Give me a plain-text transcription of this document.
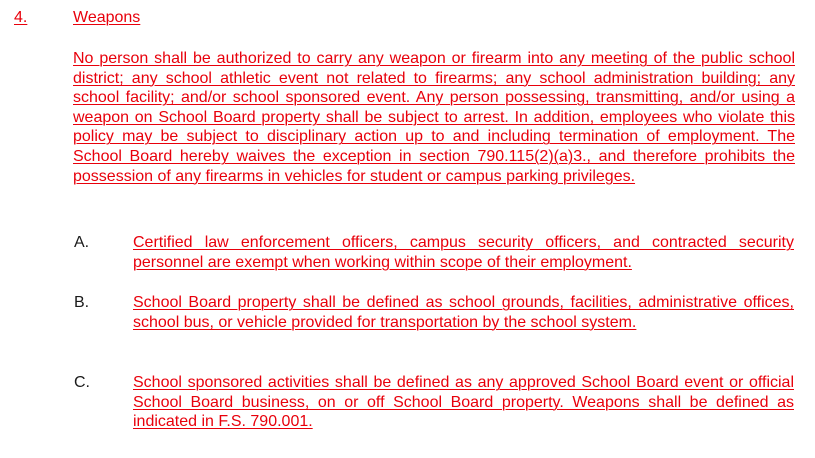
4.	Weapons
No person shall be authorized to carry any weapon or firearm into any meeting of the public school district; any school athletic event not related to firearms; any school administration building; any school facility; and/or school sponsored event. Any person possessing, transmitting, and/or using a weapon on School Board property shall be subject to arrest. In addition, employees who violate this policy may be subject to disciplinary action up to and including termination of employment. The School Board hereby waives the exception in section 790.115(2)(a)3., and therefore prohibits the possession of any firearms in vehicles for student or campus parking privileges.
A.	Certified law enforcement officers, campus security officers, and contracted security personnel are exempt when working within scope of their employment.
B.	School Board property shall be defined as school grounds, facilities, administrative offices, school bus, or vehicle provided for transportation by the school system.
C.	School sponsored activities shall be defined as any approved School Board event or official School Board business, on or off School Board property. Weapons shall be defined as indicated in F.S. 790.001.
